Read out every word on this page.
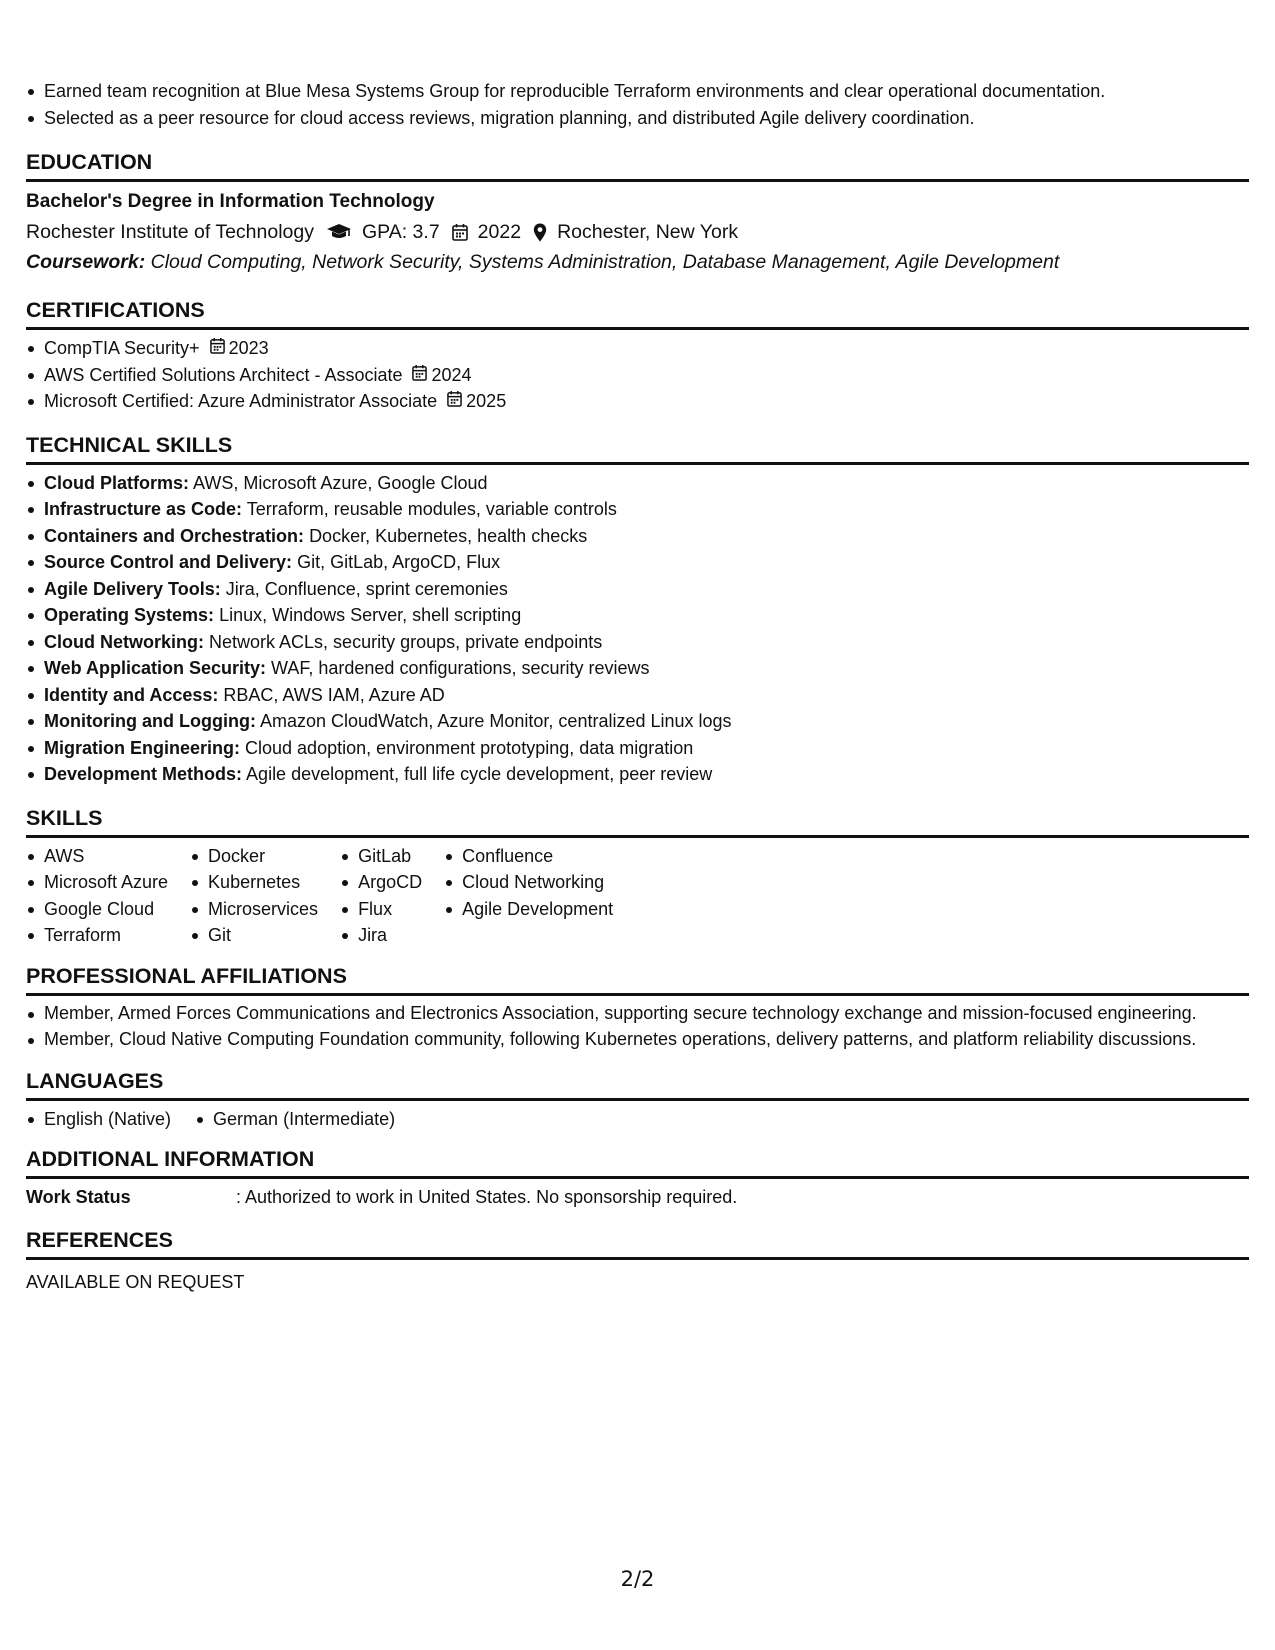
Earned team recognition at Blue Mesa Systems Group for reproducible Terraform environments and clear operational documentation.
Selected as a peer resource for cloud access reviews, migration planning, and distributed Agile delivery coordination.
EDUCATION
Bachelor's Degree in Information Technology
Rochester Institute of Technology GPA: 3.7 2022 Rochester, New York
Coursework: Cloud Computing, Network Security, Systems Administration, Database Management, Agile Development
CERTIFICATIONS
CompTIA Security+ 2023
AWS Certified Solutions Architect - Associate 2024
Microsoft Certified: Azure Administrator Associate 2025
TECHNICAL SKILLS
Cloud Platforms: AWS, Microsoft Azure, Google Cloud
Infrastructure as Code: Terraform, reusable modules, variable controls
Containers and Orchestration: Docker, Kubernetes, health checks
Source Control and Delivery: Git, GitLab, ArgoCD, Flux
Agile Delivery Tools: Jira, Confluence, sprint ceremonies
Operating Systems: Linux, Windows Server, shell scripting
Cloud Networking: Network ACLs, security groups, private endpoints
Web Application Security: WAF, hardened configurations, security reviews
Identity and Access: RBAC, AWS IAM, Azure AD
Monitoring and Logging: Amazon CloudWatch, Azure Monitor, centralized Linux logs
Migration Engineering: Cloud adoption, environment prototyping, data migration
Development Methods: Agile development, full life cycle development, peer review
SKILLS
AWS
Microsoft Azure
Google Cloud
Terraform
Docker
Kubernetes
Microservices
Git
GitLab
ArgoCD
Flux
Jira
Confluence
Cloud Networking
Agile Development
PROFESSIONAL AFFILIATIONS
Member, Armed Forces Communications and Electronics Association, supporting secure technology exchange and mission-focused engineering.
Member, Cloud Native Computing Foundation community, following Kubernetes operations, delivery patterns, and platform reliability discussions.
LANGUAGES
English (Native)	German (Intermediate)
ADDITIONAL INFORMATION
Work Status	: Authorized to work in United States. No sponsorship required.
REFERENCES
AVAILABLE ON REQUEST
2/2
